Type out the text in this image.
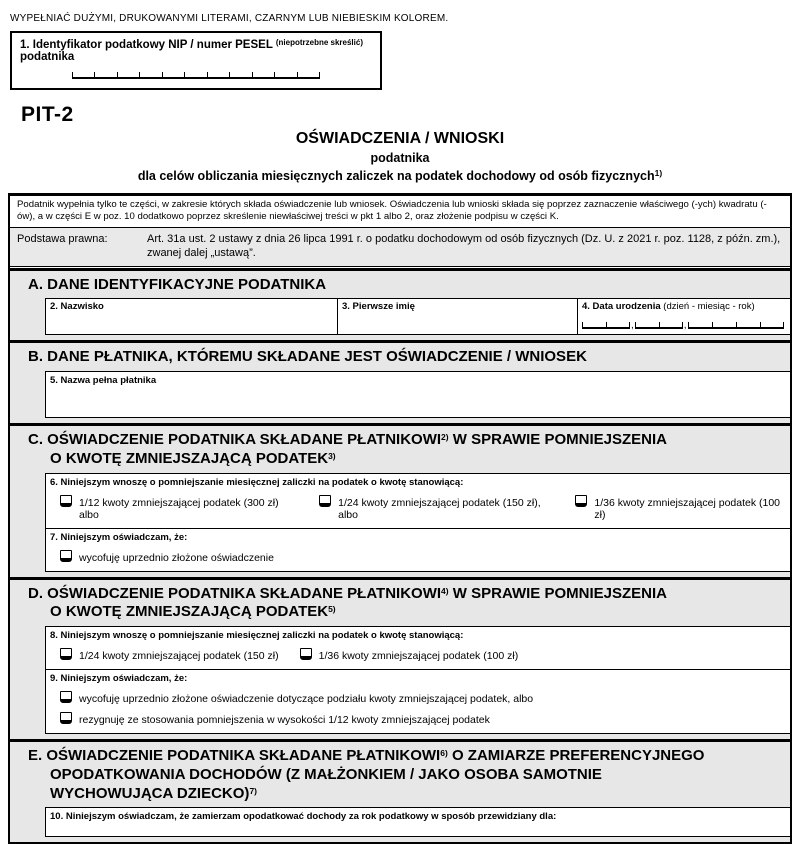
WYPEŁNIAĆ DUŻYMI, DRUKOWANYMI LITERAMI, CZARNYM LUB NIEBIESKIM KOLOREM.
1. Identyfikator podatkowy NIP / numer PESEL $^{(niepotrzebne skreślić)}$ podatnika
PIT-2
OŚWIADCZENIA / WNIOSKI
podatnika
dla celów obliczania miesięcznych zaliczek na podatek dochodowy od osób fizycznych$^{1)}$
Podatnik wypełnia tylko te części, w zakresie których składa oświadczenie lub wniosek. Oświadczenia lub wnioski składa się poprzez zaznaczenie właściwego (-ych) kwadratu (-ów), a w części E w poz. 10 dodatkowo poprzez skreślenie niewłaściwej treści w pkt 1 albo 2, oraz złożenie podpisu w części K.
Podstawa prawna:	Art. 31a ust. 2 ustawy z dnia 26 lipca 1991 r. o podatku dochodowym od osób fizycznych (Dz. U. z 2021 r. poz. 1128, z późn. zm.), zwanej dalej „ustawą”.
A. DANE IDENTYFIKACYJNE PODATNIKA
2. Nazwisko	3. Pierwsze imię	4. Data urodzenia (dzień - miesiąc - rok)
,	,
B. DANE PŁATNIKA, KTÓREMU SKŁADANE JEST OŚWIADCZENIE / WNIOSEK
5. Nazwa pełna płatnika
C. OŚWIADCZENIE PODATNIKA SKŁADANE PŁATNIKOWI$^{2)}$ W SPRAWIE POMNIEJSZENIA
O KWOTĘ ZMNIEJSZAJĄCĄ PODATEK$^{3)}$
6. Niniejszym wnoszę o pomniejszanie miesięcznej zaliczki na podatek o kwotę stanowiącą:
1/12 kwoty zmniejszającej podatek (300 zł)   albo
1/24 kwoty zmniejszającej podatek (150 zł), albo
1/36 kwoty zmniejszającej podatek (100 zł)
7. Niniejszym oświadczam, że:
wycofuję uprzednio złożone oświadczenie
D. OŚWIADCZENIE PODATNIKA SKŁADANE PŁATNIKOWI$^{4)}$ W SPRAWIE POMNIEJSZENIA
O KWOTĘ ZMNIEJSZAJĄCĄ PODATEK$^{5)}$
8. Niniejszym wnoszę o pomniejszanie miesięcznej zaliczki na podatek o kwotę stanowiącą:
1/24 kwoty zmniejszającej podatek (150 zł)	1/36 kwoty zmniejszającej podatek (100 zł)
9. Niniejszym oświadczam, że:
wycofuję uprzednio złożone oświadczenie dotyczące podziału kwoty zmniejszającej podatek, albo
rezygnuję ze stosowania pomniejszenia w wysokości 1/12 kwoty zmniejszającej podatek
E. OŚWIADCZENIE PODATNIKA SKŁADANE PŁATNIKOWI$^{6)}$ O ZAMIARZE PREFERENCYJNEGO
OPODATKOWANIA DOCHODÓW (Z MAŁŻONKIEM / JAKO OSOBA SAMOTNIE
WYCHOWUJĄCA DZIECKO)$^{7)}$
10. Niniejszym oświadczam, że zamierzam opodatkować dochody za rok podatkowy w sposób przewidziany dla:
